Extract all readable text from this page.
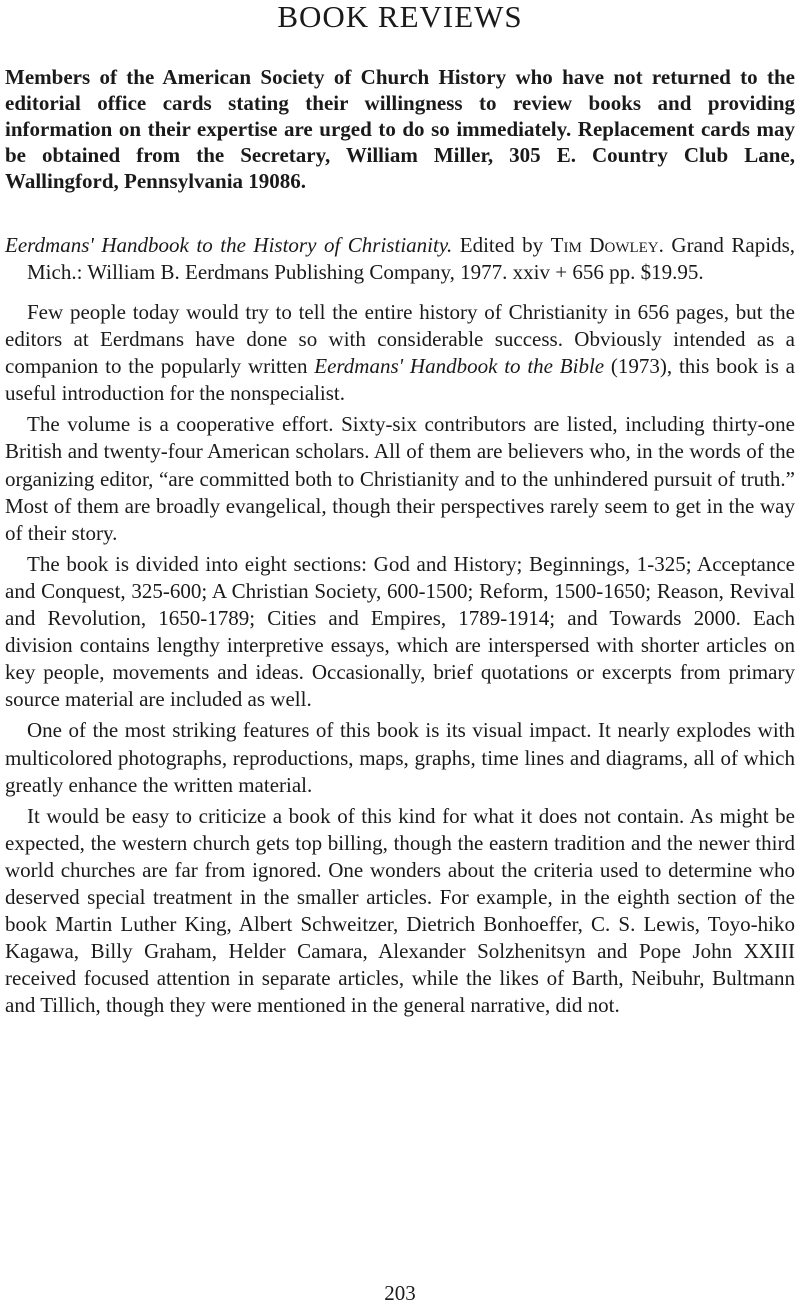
BOOK REVIEWS

Members of the American Society of Church History who have not returned to the editorial office cards stating their willingness to review books and providing information on their expertise are urged to do so immediately. Replacement cards may be obtained from the Secretary, William Miller, 305 E. Country Club Lane, Wallingford, Pennsylvania 19086.

Eerdmans' Handbook to the History of Christianity. Edited by Tim Dowley. Grand Rapids, Mich.: William B. Eerdmans Publishing Company, 1977. xxiv + 656 pp. $19.95.

Few people today would try to tell the entire history of Christianity in 656 pages, but the editors at Eerdmans have done so with considerable success. Obviously intended as a companion to the popularly written Eerdmans' Handbook to the Bible (1973), this book is a useful introduction for the nonspecialist.

The volume is a cooperative effort. Sixty-six contributors are listed, including thirty-one British and twenty-four American scholars. All of them are believers who, in the words of the organizing editor, “are committed both to Christianity and to the unhindered pursuit of truth.” Most of them are broadly evangelical, though their perspectives rarely seem to get in the way of their story.

The book is divided into eight sections: God and History; Beginnings, 1-325; Acceptance and Conquest, 325-600; A Christian Society, 600-1500; Reform, 1500-1650; Reason, Revival and Revolution, 1650-1789; Cities and Empires, 1789-1914; and Towards 2000. Each division contains lengthy interpretive essays, which are interspersed with shorter articles on key people, movements and ideas. Occasionally, brief quotations or excerpts from primary source material are included as well.

One of the most striking features of this book is its visual impact. It nearly explodes with multicolored photographs, reproductions, maps, graphs, time lines and diagrams, all of which greatly enhance the written material.

It would be easy to criticize a book of this kind for what it does not contain. As might be expected, the western church gets top billing, though the eastern tradition and the newer third world churches are far from ignored. One wonders about the criteria used to determine who deserved special treatment in the smaller articles. For example, in the eighth section of the book Martin Luther King, Albert Schweitzer, Dietrich Bonhoeffer, C. S. Lewis, Toyo-hiko Kagawa, Billy Graham, Helder Camara, Alexander Solzhenitsyn and Pope John XXIII received focused attention in separate articles, while the likes of Barth, Neibuhr, Bultmann and Tillich, though they were mentioned in the general narrative, did not.

203
